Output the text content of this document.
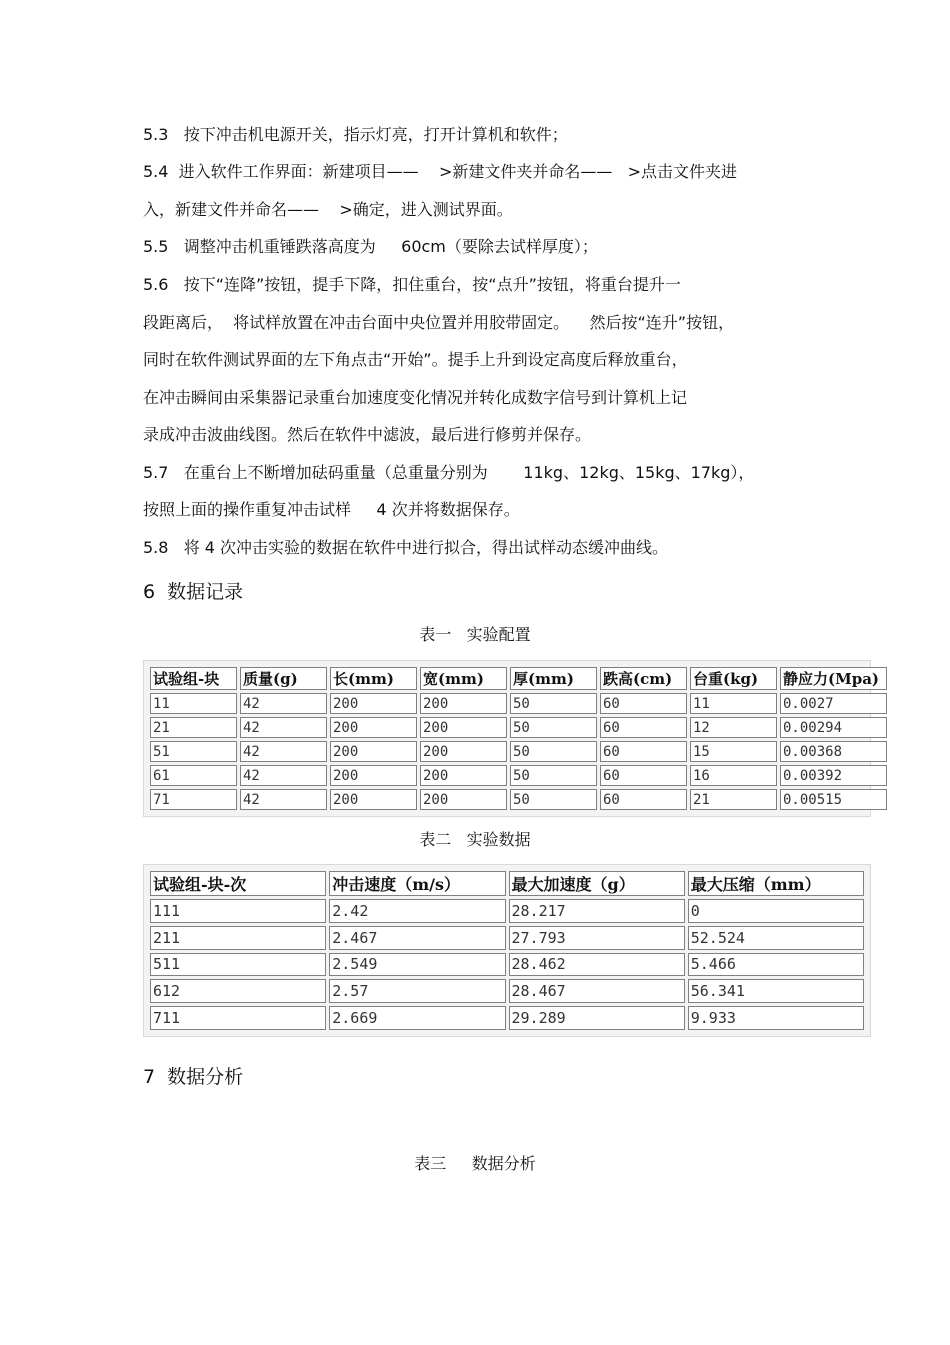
5.3   按下冲击机电源开关，指示灯亮，打开计算机和软件；
5.4  进入软件工作界面：新建项目——    >新建文件夹并命名——   >点击文件夹进
入，新建文件并命名——    >确定，进入测试界面。
5.5   调整冲击机重锤跌落高度为     60cm（要除去试样厚度）；
5.6   按下“连降”按钮，提手下降，扣住重台，按“点升”按钮，将重台提升一
段距离后，  将试样放置在冲击台面中央位置并用胶带固定。    然后按“连升”按钮，
同时在软件测试界面的左下角点击“开始”。提手上升到设定高度后释放重台，
在冲击瞬间由采集器记录重台加速度变化情况并转化成数字信号到计算机上记
录成冲击波曲线图。然后在软件中滤波，最后进行修剪并保存。
5.7   在重台上不断增加砝码重量（总重量分别为       11kg、12kg、15kg、17kg），
按照上面的操作重复冲击试样     4 次并将数据保存。
5.8   将 4 次冲击实验的数据在软件中进行拟合，得出试样动态缓冲曲线。
6  数据记录
表一   实验配置
试验组-块	质量(g)	长(mm)	宽(mm)	厚(mm)	跌高(cm)	台重(kg)	静应力(Mpa)
11	42	200	200	50	60	11	0.0027
21	42	200	200	50	60	12	0.00294
51	42	200	200	50	60	15	0.00368
61	42	200	200	50	60	16	0.00392
71	42	200	200	50	60	21	0.00515
表二   实验数据
试验组-块-次	冲击速度（m/s）	最大加速度（g）	最大压缩（mm）
111	2.42	28.217	0
211	2.467	27.793	52.524
511	2.549	28.462	5.466
612	2.57	28.467	56.341
711	2.669	29.289	9.933
7  数据分析
表三     数据分析
